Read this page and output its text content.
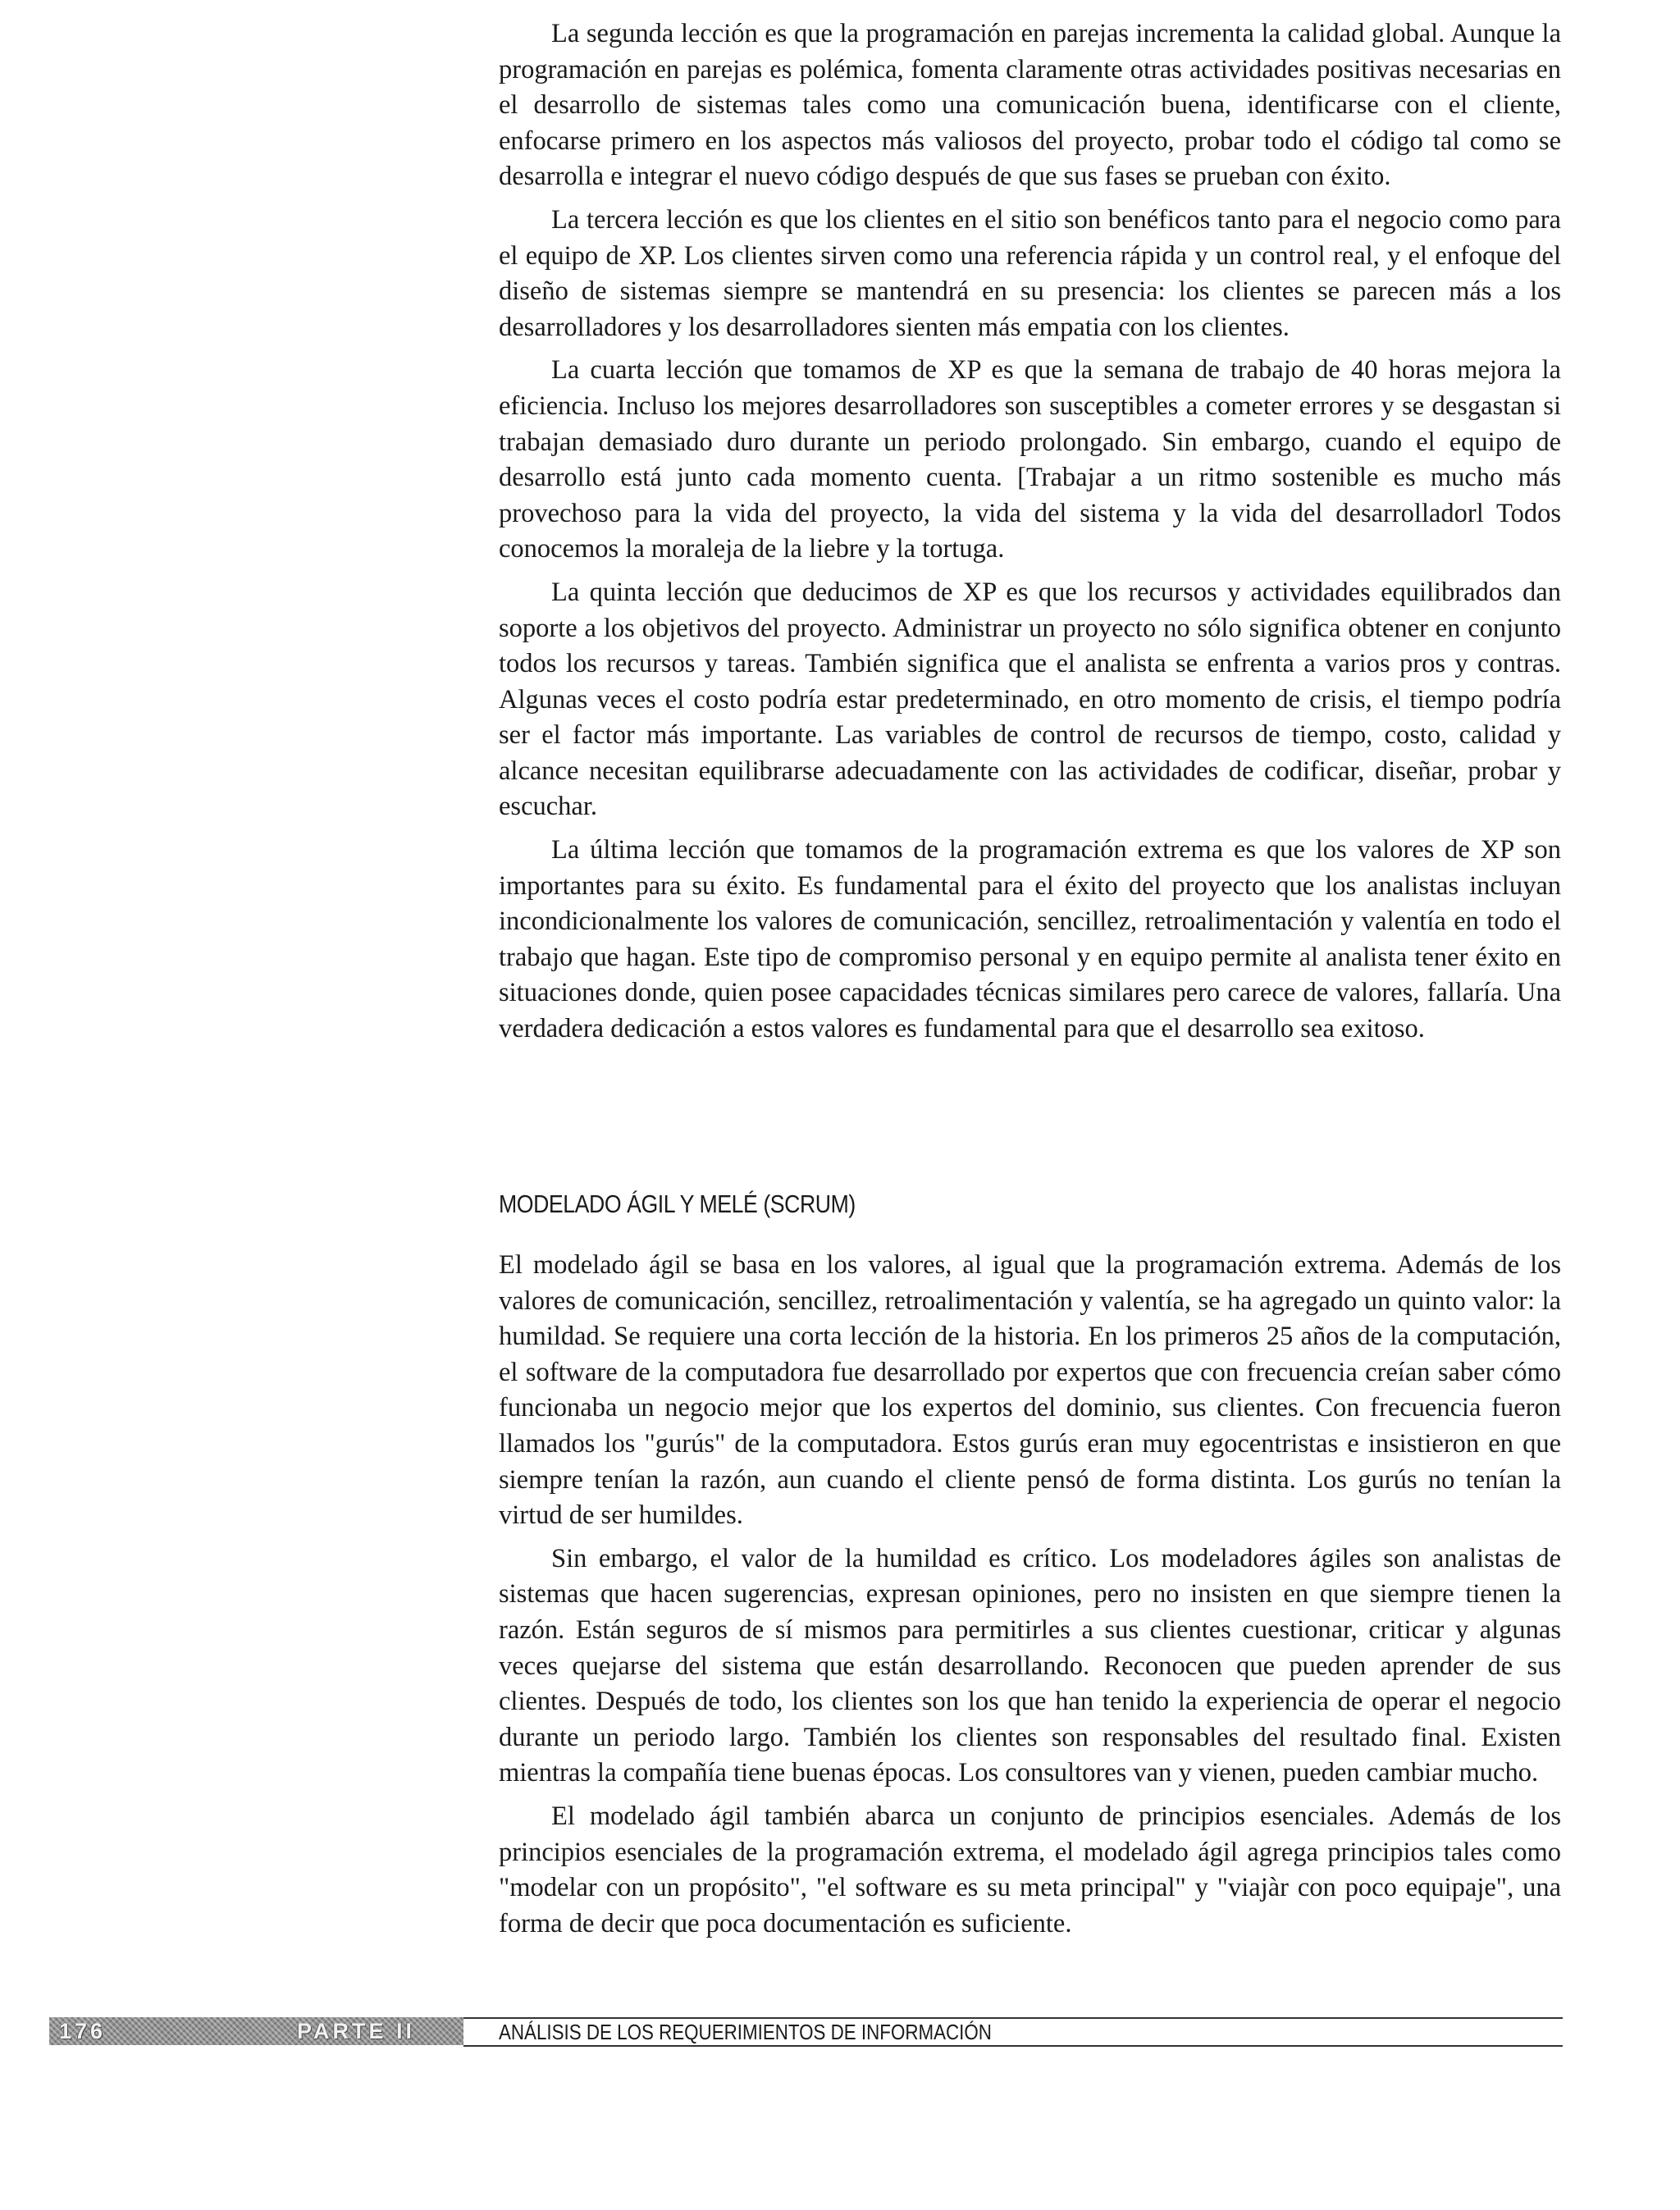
La segunda lección es que la programación en parejas incrementa la calidad global. Aunque la programación en parejas es polémica, fomenta claramente otras actividades positivas necesarias en el desarrollo de sistemas tales como una comunicación buena, identificarse con el cliente, enfocarse primero en los aspectos más valiosos del proyecto, probar todo el código tal como se desarrolla e integrar el nuevo código después de que sus fases se prueban con éxito.

La tercera lección es que los clientes en el sitio son benéficos tanto para el negocio como para el equipo de XP. Los clientes sirven como una referencia rápida y un control real, y el enfoque del diseño de sistemas siempre se mantendrá en su presencia: los clientes se parecen más a los desarrolladores y los desarrolladores sienten más empatia con los clientes.

La cuarta lección que tomamos de XP es que la semana de trabajo de 40 horas mejora la eficiencia. Incluso los mejores desarrolladores son susceptibles a cometer errores y se desgastan si trabajan demasiado duro durante un periodo prolongado. Sin embargo, cuando el equipo de desarrollo está junto cada momento cuenta. [Trabajar a un ritmo sostenible es mucho más provechoso para la vida del proyecto, la vida del sistema y la vida del desarrolladorl Todos conocemos la moraleja de la liebre y la tortuga.

La quinta lección que deducimos de XP es que los recursos y actividades equilibrados dan soporte a los objetivos del proyecto. Administrar un proyecto no sólo significa obtener en conjunto todos los recursos y tareas. También significa que el analista se enfrenta a varios pros y contras. Algunas veces el costo podría estar predeterminado, en otro momento de crisis, el tiempo podría ser el factor más importante. Las variables de control de recursos de tiempo, costo, calidad y alcance necesitan equilibrarse adecuadamente con las actividades de codificar, diseñar, probar y escuchar.

La última lección que tomamos de la programación extrema es que los valores de XP son importantes para su éxito. Es fundamental para el éxito del proyecto que los analistas incluyan incondicionalmente los valores de comunicación, sencillez, retroalimentación y valentía en todo el trabajo que hagan. Este tipo de compromiso personal y en equipo permite al analista tener éxito en situaciones donde, quien posee capacidades técnicas similares pero carece de valores, fallaría. Una verdadera dedicación a estos valores es fundamental para que el desarrollo sea exitoso.

MODELADO ÁGIL Y MELÉ (SCRUM)

El modelado ágil se basa en los valores, al igual que la programación extrema. Además de los valores de comunicación, sencillez, retroalimentación y valentía, se ha agregado un quinto valor: la humildad. Se requiere una corta lección de la historia. En los primeros 25 años de la computación, el software de la computadora fue desarrollado por expertos que con frecuencia creían saber cómo funcionaba un negocio mejor que los expertos del dominio, sus clientes. Con frecuencia fueron llamados los "gurús" de la computadora. Estos gurús eran muy egocentristas e insistieron en que siempre tenían la razón, aun cuando el cliente pensó de forma distinta. Los gurús no tenían la virtud de ser humildes.

Sin embargo, el valor de la humildad es crítico. Los modeladores ágiles son analistas de sistemas que hacen sugerencias, expresan opiniones, pero no insisten en que siempre tienen la razón. Están seguros de sí mismos para permitirles a sus clientes cuestionar, criticar y algunas veces quejarse del sistema que están desarrollando. Reconocen que pueden aprender de sus clientes. Después de todo, los clientes son los que han tenido la experiencia de operar el negocio durante un periodo largo. También los clientes son responsables del resultado final. Existen mientras la compañía tiene buenas épocas. Los consultores van y vienen, pueden cambiar mucho.

El modelado ágil también abarca un conjunto de principios esenciales. Además de los principios esenciales de la programación extrema, el modelado ágil agrega principios tales como "modelar con un propósito", "el software es su meta principal" y "viajàr con poco equipaje", una forma de decir que poca documentación es suficiente.

176	PARTE II	ANÁLISIS DE LOS REQUERIMIENTOS DE INFORMACIÓN
